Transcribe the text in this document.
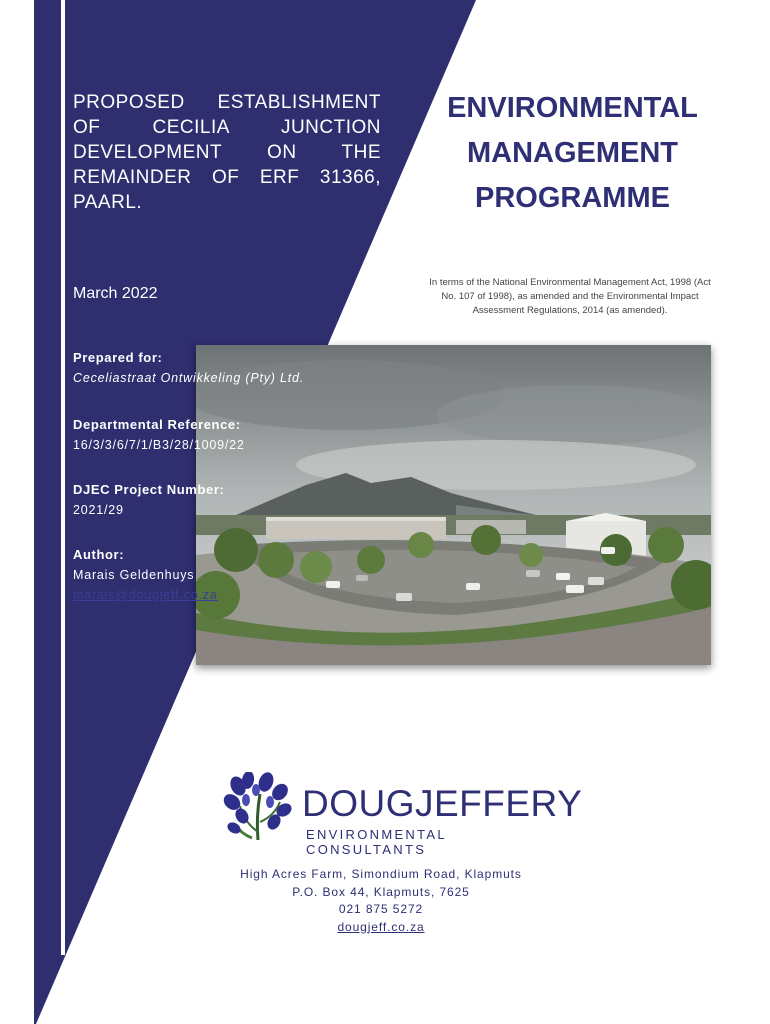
PROPOSED ESTABLISHMENT OF CECILIA JUNCTION DEVELOPMENT ON THE REMAINDER OF ERF 31366, PAARL.
March 2022
ENVIRONMENTAL
MANAGEMENT
PROGRAMME
In terms of the National Environmental Management Act, 1998 (Act No. 107 of 1998), as amended and the Environmental Impact Assessment Regulations, 2014 (as amended).
Prepared for:
Ceceliastraat Ontwikkeling (Pty) Ltd.
Departmental Reference:
16/3/3/6/7/1/B3/28/1009/22
DJEC Project Number:
2021/29
Author:
Marais Geldenhuys
marais@dougjeff.co.za
DOUGJEFFERY
ENVIRONMENTAL CONSULTANTS
High Acres Farm, Simondium Road, Klapmuts
P.O. Box 44, Klapmuts, 7625
021 875 5272
dougjeff.co.za
